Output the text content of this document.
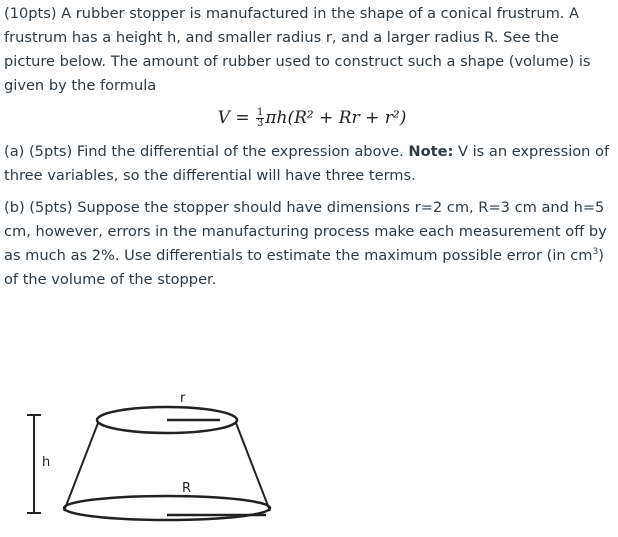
(10pts) A rubber stopper is manufactured in the shape of a conical frustrum. A frustrum has a height h, and smaller radius r, and a larger radius R. See the picture below. The amount of rubber used to construct such a shape (volume) is given by the formula

$V = \frac{1}{3} \pi h(R^2 + Rr + r^2)$

(a) (5pts) Find the differential of the expression above. Note: V is an expression of three variables, so the differential will have three terms.

(b) (5pts) Suppose the stopper should have dimensions r=2 cm, R=3 cm and h=5 cm, however, errors in the manufacturing process make each measurement off by as much as 2%. Use differentials to estimate the maximum possible error (in $cm^3$) of the volume of the stopper.

h
r
R
